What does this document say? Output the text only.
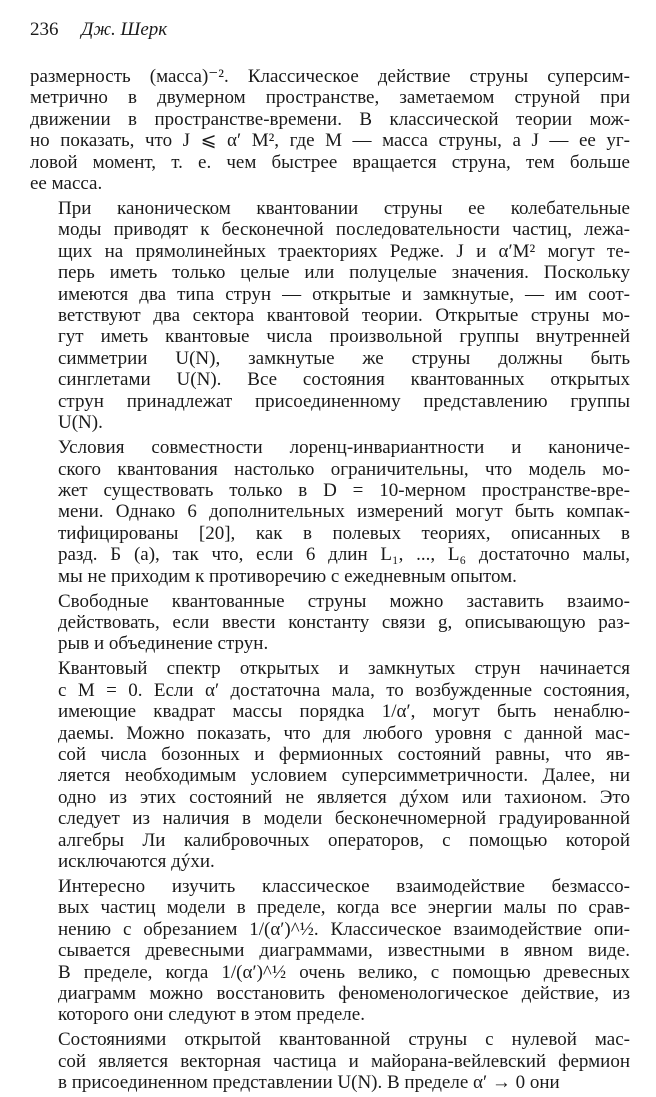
236 Дж. Шерк
размерность (масса)⁻². Классическое действие струны суперсим-
метрично в двумерном пространстве, заметаемом струной при
движении в пространстве-времени. В классической теории мож-
но показать, что J ⩽ α′ M², где M — масса струны, а J — ее уг-
ловой момент, т. е. чем быстрее вращается струна, тем больше
ее масса.
При каноническом квантовании струны ее колебательные
моды приводят к бесконечной последовательности частиц, лежа-
щих на прямолинейных траекториях Редже. J и α′M² могут те-
перь иметь только целые или полуцелые значения. Поскольку
имеются два типа струн — открытые и замкнутые, — им соот-
ветствуют два сектора квантовой теории. Открытые струны мо-
гут иметь квантовые числа произвольной группы внутренней
симметрии U(N), замкнутые же струны должны быть
синглетами U(N). Все состояния квантованных открытых
струн принадлежат присоединенному представлению группы
U(N).
Условия совместности лоренц-инвариантности и канониче-
ского квантования настолько ограничительны, что модель мо-
жет существовать только в D = 10-мерном пространстве-вре-
мени. Однако 6 дополнительных измерений могут быть компак-
тифицированы [20], как в полевых теориях, описанных в
разд. Б (а), так что, если 6 длин L₁, ..., L₆ достаточно малы,
мы не приходим к противоречию с ежедневным опытом.
Свободные квантованные струны можно заставить взаимо-
действовать, если ввести константу связи g, описывающую раз-
рыв и объединение струн.
Квантовый спектр открытых и замкнутых струн начинается
с M = 0. Если α′ достаточна мала, то возбужденные состояния,
имеющие квадрат массы порядка 1/α′, могут быть ненаблю-
даемы. Можно показать, что для любого уровня с данной мас-
сой числа бозонных и фермионных состояний равны, что яв-
ляется необходимым условием суперсимметричности. Далее, ни
одно из этих состояний не является дýхом или тахионом. Это
следует из наличия в модели бесконечномерной градуированной
алгебры Ли калибровочных операторов, с помощью которой
исключаются дýхи.
Интересно изучить классическое взаимодействие безмассо-
вых частиц модели в пределе, когда все энергии малы по срав-
нению с обрезанием 1/(α′)^½. Классическое взаимодействие опи-
сывается древесными диаграммами, известными в явном виде.
В пределе, когда 1/(α′)^½ очень велико, с помощью древесных
диаграмм можно восстановить феноменологическое действие, из
которого они следуют в этом пределе.
Состояниями открытой квантованной струны с нулевой мас-
сой является векторная частица и майорана-вейлевский фермион
в присоединенном представлении U(N). В пределе α′ → 0 они
